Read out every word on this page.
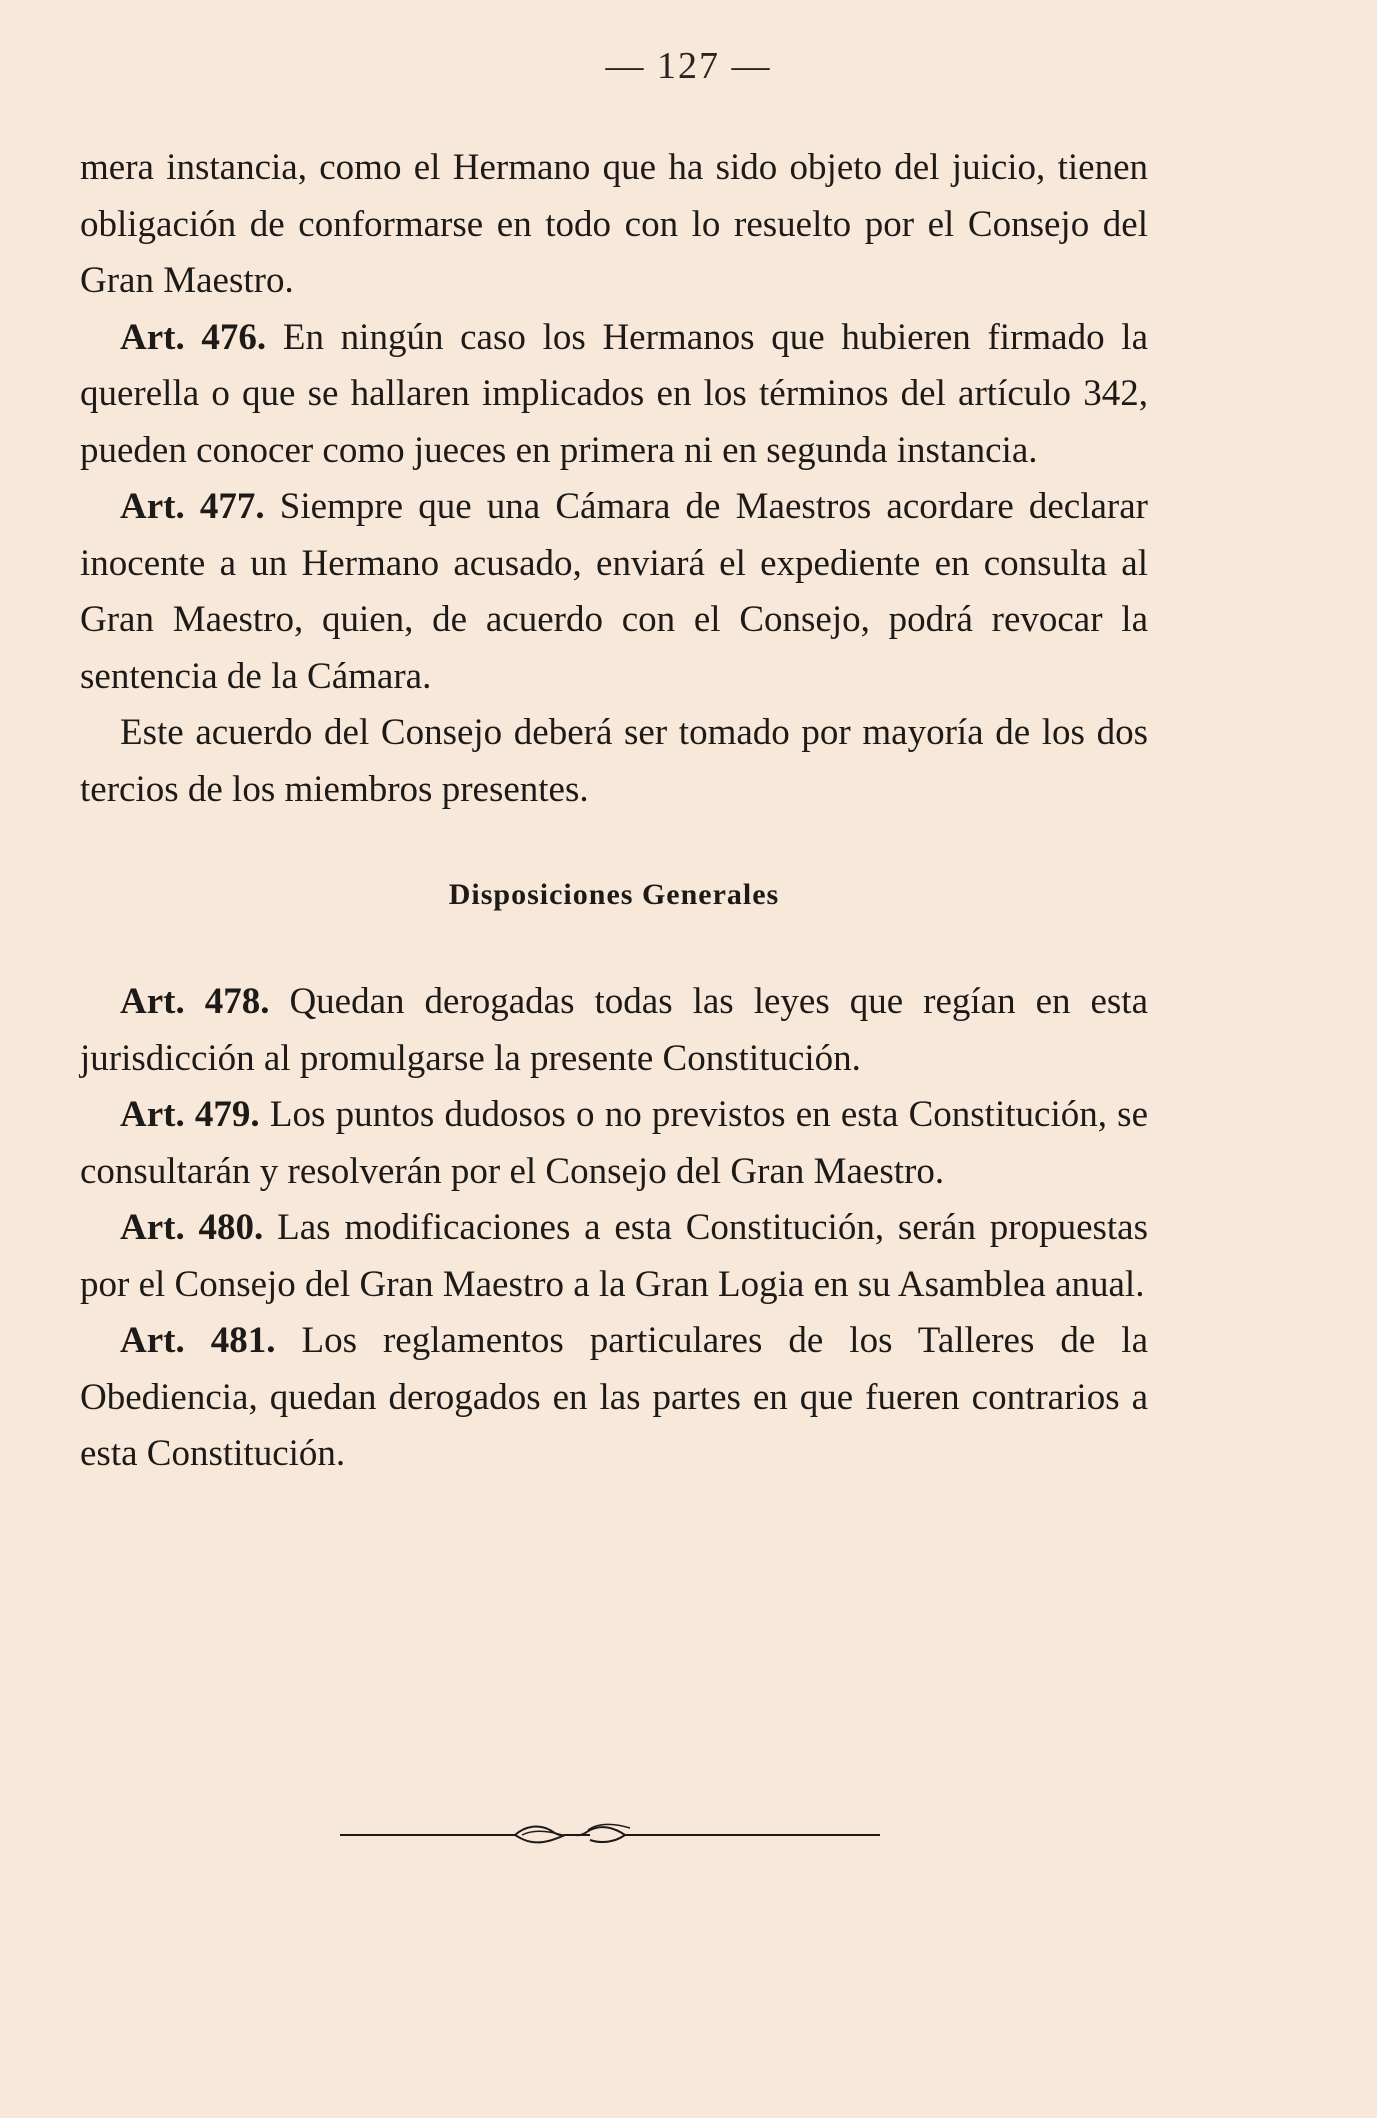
— 127 —

mera instancia, como el Hermano que ha sido objeto del juicio, tienen obligación de conformarse en todo con lo resuelto por el Consejo del Gran Maestro.

Art. 476. En ningún caso los Hermanos que hubieren firmado la querella o que se hallaren implicados en los términos del artículo 342, pueden conocer como jueces en primera ni en segunda instancia.

Art. 477. Siempre que una Cámara de Maestros acordare declarar inocente a un Hermano acusado, enviará el expediente en consulta al Gran Maestro, quien, de acuerdo con el Consejo, podrá revocar la sentencia de la Cámara.

Este acuerdo del Consejo deberá ser tomado por mayoría de los dos tercios de los miembros presentes.

Disposiciones Generales

Art. 478. Quedan derogadas todas las leyes que regían en esta jurisdicción al promulgarse la presente Constitución.

Art. 479. Los puntos dudosos o no previstos en esta Constitución, se consultarán y resolverán por el Consejo del Gran Maestro.

Art. 480. Las modificaciones a esta Constitución, serán propuestas por el Consejo del Gran Maestro a la Gran Logia en su Asamblea anual.

Art. 481. Los reglamentos particulares de los Talleres de la Obediencia, quedan derogados en las partes en que fueren contrarios a esta Constitución.
